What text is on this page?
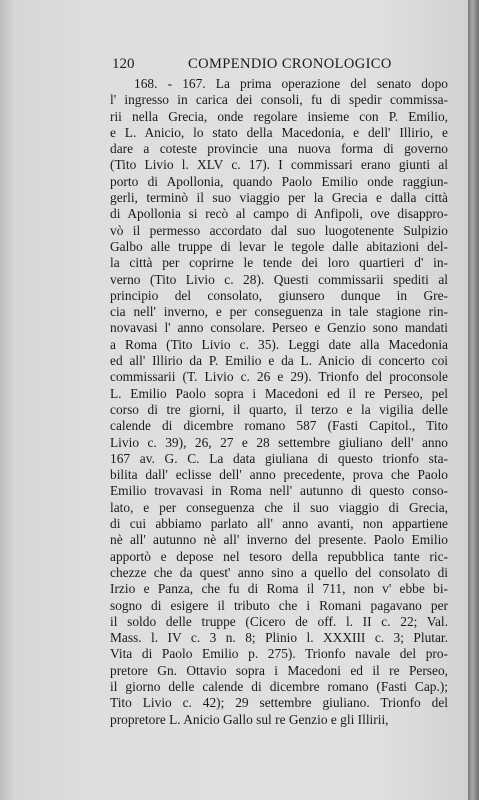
120	COMPENDIO CRONOLOGICO
168. - 167. La prima operazione del senato dopo
l' ingresso in carica dei consoli, fu di spedir commissa-
rii nella Grecia, onde regolare insieme con P. Emilio,
e L. Anicio, lo stato della Macedonia, e dell' Illirio, e
dare a coteste provincie una nuova forma di governo
(Tito Livio l. XLV c. 17). I commissari erano giunti al
porto di Apollonia, quando Paolo Emilio onde raggiun-
gerli, terminò il suo viaggio per la Grecia e dalla città
di Apollonia si recò al campo di Anfipoli, ove disappro-
vò il permesso accordato dal suo luogotenente Sulpizio
Galbo alle truppe di levar le tegole dalle abitazioni del-
la città per coprirne le tende dei loro quartieri d' in-
verno (Tito Livio c. 28). Questi commissarii spediti al
principio del consolato, giunsero dunque in Gre-
cia nell' inverno, e per conseguenza in tale stagione rin-
novavasi l' anno consolare. Perseo e Genzio sono mandati
a Roma (Tito Livio c. 35). Leggi date alla Macedonia
ed all' Illirio da P. Emilio e da L. Anicio di concerto coi
commissarii (T. Livio c. 26 e 29). Trionfo del proconsole
L. Emilio Paolo sopra i Macedoni ed il re Perseo, pel
corso di tre giorni, il quarto, il terzo e la vigilia delle
calende di dicembre romano 587 (Fasti Capitol., Tito
Livio c. 39), 26, 27 e 28 settembre giuliano dell' anno
167 av. G. C. La data giuliana di questo trionfo sta-
bilita dall' eclisse dell' anno precedente, prova che Paolo
Emilio trovavasi in Roma nell' autunno di questo conso-
lato, e per conseguenza che il suo viaggio di Grecia,
di cui abbiamo parlato all' anno avanti, non appartiene
nè all' autunno nè all' inverno del presente. Paolo Emilio
apportò e depose nel tesoro della repubblica tante ric-
chezze che da quest' anno sino a quello del consolato di
Irzio e Panza, che fu di Roma il 711, non v' ebbe bi-
sogno di esigere il tributo che i Romani pagavano per
il soldo delle truppe (Cicero de off. l. II c. 22; Val.
Mass. l. IV c. 3 n. 8; Plinio l. XXXIII c. 3; Plutar.
Vita di Paolo Emilio p. 275). Trionfo navale del pro-
pretore Gn. Ottavio sopra i Macedoni ed il re Perseo,
il giorno delle calende di dicembre romano (Fasti Cap.);
Tito Livio c. 42); 29 settembre giuliano. Trionfo del
propretore L. Anicio Gallo sul re Genzio e gli Illirii,
